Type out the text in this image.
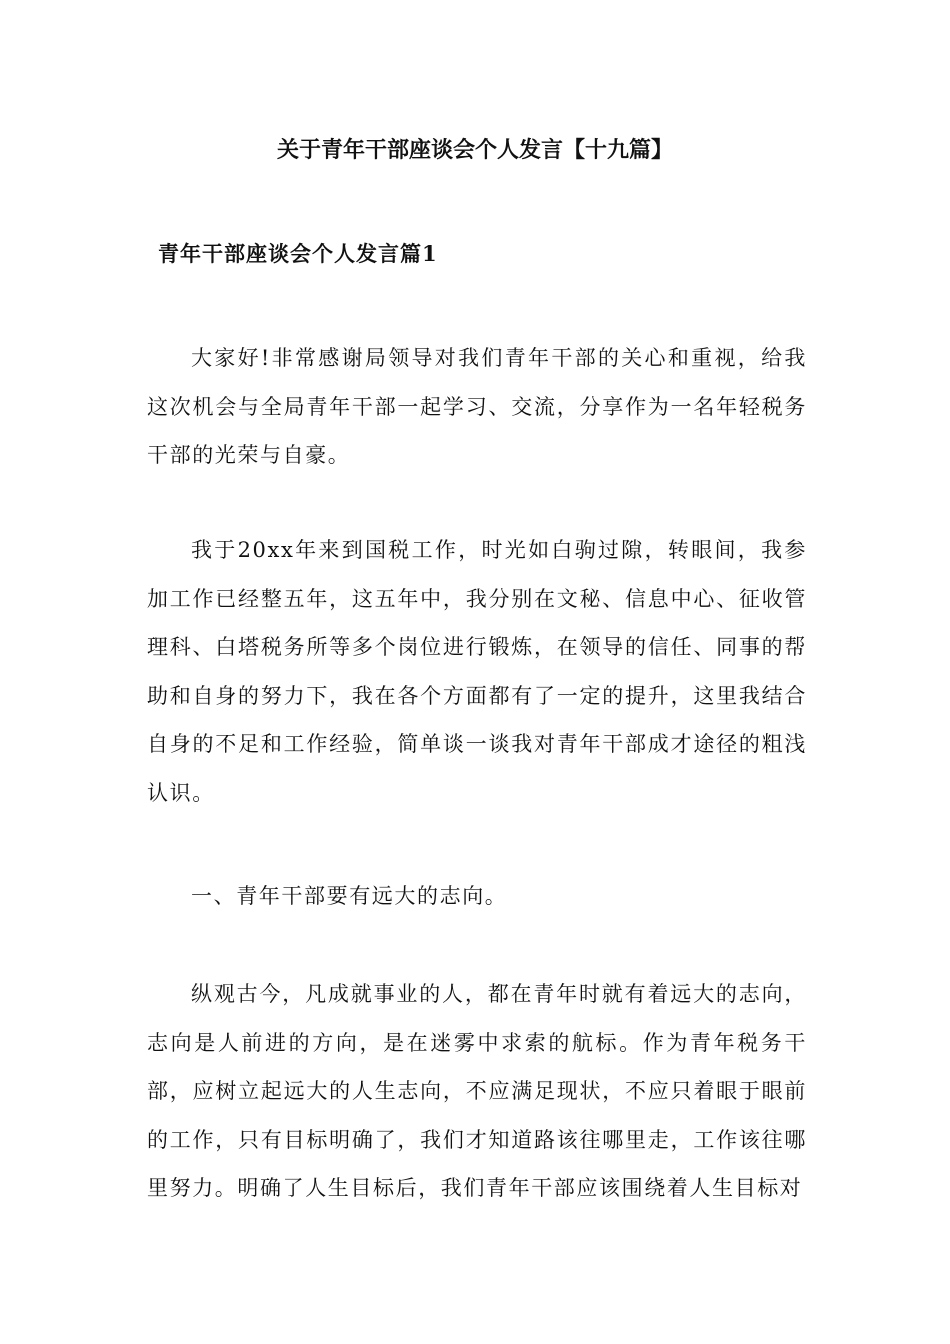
关于青年干部座谈会个人发言【十九篇】
青年干部座谈会个人发言篇1

大家好!非常感谢局领导对我们青年干部的关心和重视，给我这次机会与全局青年干部一起学习、交流，分享作为一名年轻税务干部的光荣与自豪。

我于20xx年来到国税工作，时光如白驹过隙，转眼间，我参加工作已经整五年，这五年中，我分别在文秘、信息中心、征收管理科、白塔税务所等多个岗位进行锻炼，在领导的信任、同事的帮助和自身的努力下，我在各个方面都有了一定的提升，这里我结合自身的不足和工作经验，简单谈一谈我对青年干部成才途径的粗浅认识。

一、青年干部要有远大的志向。

纵观古今，凡成就事业的人，都在青年时就有着远大的志向，志向是人前进的方向，是在迷雾中求索的航标。作为青年税务干部，应树立起远大的人生志向，不应满足现状，不应只着眼于眼前的工作，只有目标明确了，我们才知道路该往哪里走，工作该往哪里努力。明确了人生目标后，我们青年干部应该围绕着人生目标对
